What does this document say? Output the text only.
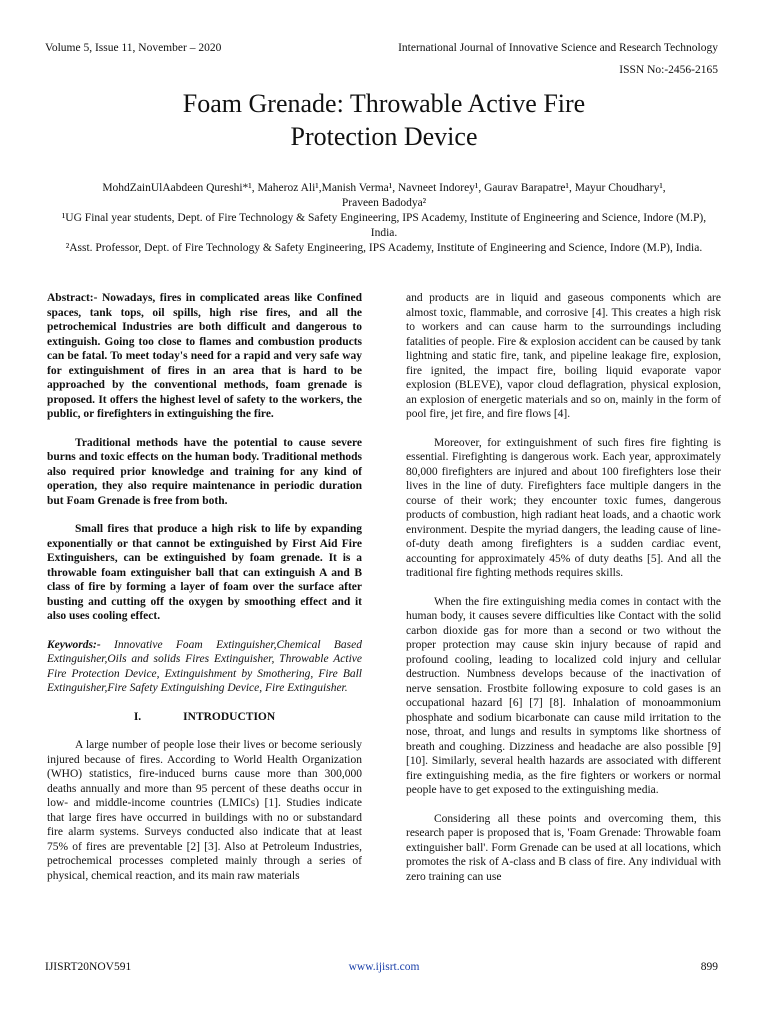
Volume 5, Issue 11, November – 2020	International Journal of Innovative Science and Research Technology
ISSN No:-2456-2165
Foam Grenade: Throwable Active Fire
Protection Device

MohdZainUlAabdeen Qureshi*¹, Maheroz Ali¹,Manish Verma¹, Navneet Indorey¹, Gaurav Barapatre¹, Mayur Choudhary¹,
Praveen Badodya²

¹UG Final year students, Dept. of Fire Technology & Safety Engineering, IPS Academy, Institute of Engineering and Science, Indore (M.P), India.

²Asst. Professor, Dept. of Fire Technology & Safety Engineering, IPS Academy, Institute of Engineering and Science, Indore (M.P), India.

Abstract:- Nowadays, fires in complicated areas like Confined spaces, tank tops, oil spills, high rise fires, and all the petrochemical Industries are both difficult and dangerous to extinguish. Going too close to flames and combustion products can be fatal. To meet today's need for a rapid and very safe way for extinguishment of fires in an area that is hard to be approached by the conventional methods, foam grenade is proposed. It offers the highest level of safety to the workers, the public, or firefighters in extinguishing the fire.

Traditional methods have the potential to cause severe burns and toxic effects on the human body. Traditional methods also required prior knowledge and training for any kind of operation, they also require maintenance in periodic duration but Foam Grenade is free from both.

Small fires that produce a high risk to life by expanding exponentially or that cannot be extinguished by First Aid Fire Extinguishers, can be extinguished by foam grenade. It is a throwable foam extinguisher ball that can extinguish A and B class of fire by forming a layer of foam over the surface after busting and cutting off the oxygen by smoothing effect and it also uses cooling effect.

Keywords:- Innovative Foam Extinguisher,Chemical Based Extinguisher,Oils and solids Fires Extinguisher, Throwable Active Fire Protection Device, Extinguishment by Smothering, Fire Ball Extinguisher,Fire Safety Extinguishing Device, Fire Extinguisher.

I.	INTRODUCTION

A large number of people lose their lives or become seriously injured because of fires. According to World Health Organization (WHO) statistics, fire-induced burns cause more than 300,000 deaths annually and more than 95 percent of these deaths occur in low- and middle-income countries (LMICs) [1]. Studies indicate that large fires have occurred in buildings with no or substandard fire alarm systems. Surveys conducted also indicate that at least 75% of fires are preventable [2] [3]. Also at Petroleum Industries, petrochemical processes completed mainly through a series of physical, chemical reaction, and its main raw materials

and products are in liquid and gaseous components which are almost toxic, flammable, and corrosive [4]. This creates a high risk to workers and can cause harm to the surroundings including fatalities of people. Fire & explosion accident can be caused by tank lightning and static fire, tank, and pipeline leakage fire, explosion, fire ignited, the impact fire, boiling liquid evaporate vapor explosion (BLEVE), vapor cloud deflagration, physical explosion, an explosion of energetic materials and so on, mainly in the form of pool fire, jet fire, and fire flows [4].

Moreover, for extinguishment of such fires fire fighting is essential. Firefighting is dangerous work. Each year, approximately 80,000 firefighters are injured and about 100 firefighters lose their lives in the line of duty. Firefighters face multiple dangers in the course of their work; they encounter toxic fumes, dangerous products of combustion, high radiant heat loads, and a chaotic work environment. Despite the myriad dangers, the leading cause of line-of-duty death among firefighters is a sudden cardiac event, accounting for approximately 45% of duty deaths [5]. And all the traditional fire fighting methods requires skills.

When the fire extinguishing media comes in contact with the human body, it causes severe difficulties like Contact with the solid carbon dioxide gas for more than a second or two without the proper protection may cause skin injury because of rapid and profound cooling, leading to localized cold injury and cellular destruction. Numbness develops because of the inactivation of nerve sensation. Frostbite following exposure to cold gases is an occupational hazard [6] [7] [8]. Inhalation of monoammonium phosphate and sodium bicarbonate can cause mild irritation to the nose, throat, and lungs and results in symptoms like shortness of breath and coughing. Dizziness and headache are also possible [9] [10]. Similarly, several health hazards are associated with different fire extinguishing media, as the fire fighters or workers or normal people have to get exposed to the extinguishing media.

Considering all these points and overcoming them, this research paper is proposed that is, 'Foam Grenade: Throwable foam extinguisher ball'. Form Grenade can be used at all locations, which promotes the risk of A-class and B class of fire. Any individual with zero training can use

IJISRT20NOV591	www.ijisrt.com	899
